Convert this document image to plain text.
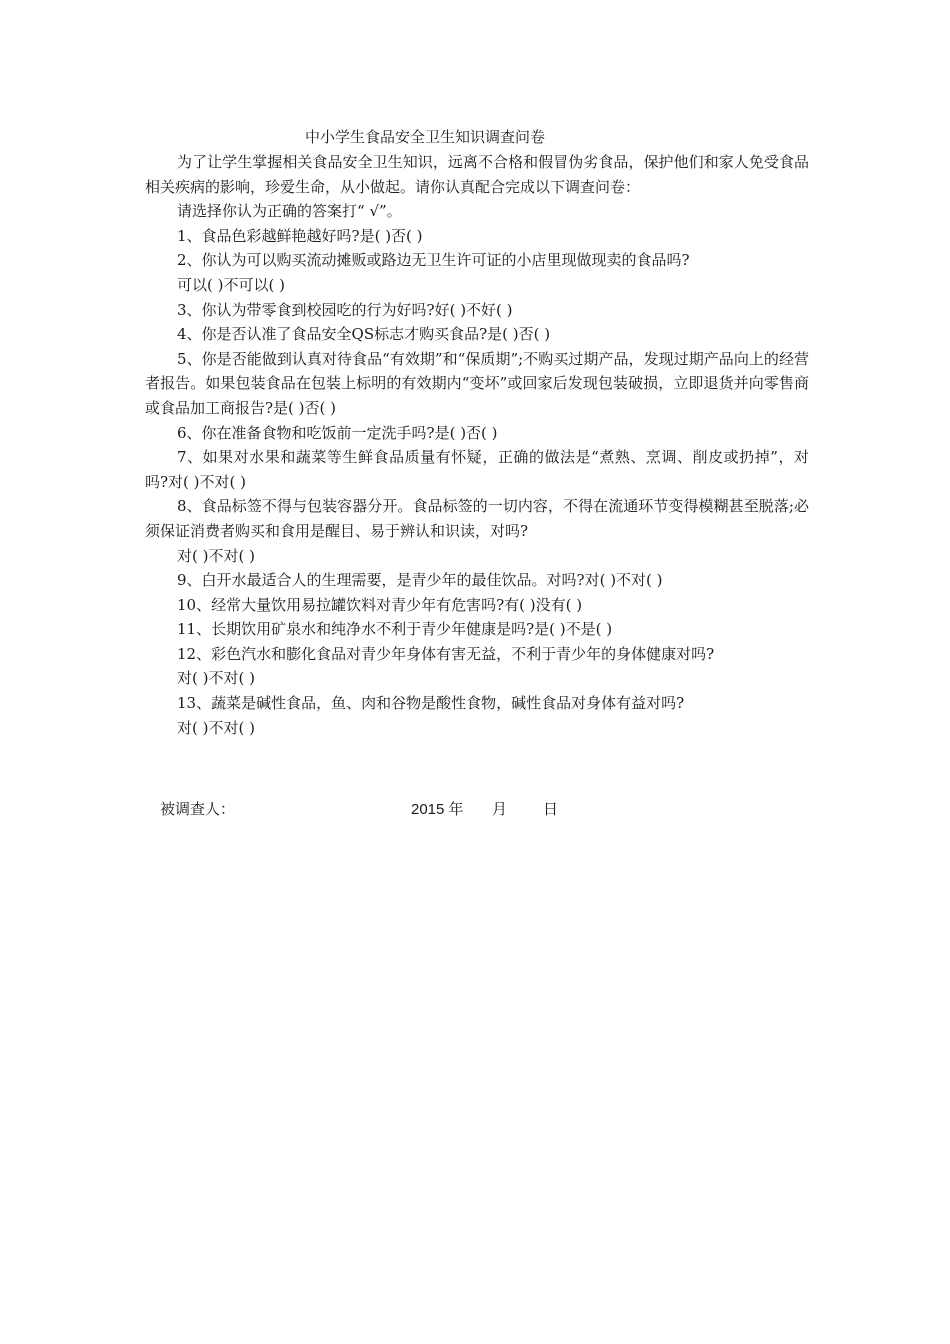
中小学生食品安全卫生知识调查问卷

为了让学生掌握相关食品安全卫生知识，远离不合格和假冒伪劣食品，保护他们和家人免受食品相关疾病的影响，珍爱生命，从小做起。请你认真配合完成以下调查问卷：

请选择你认为正确的答案打“ √”。

1、食品色彩越鲜艳越好吗?是( )否( )

2、你认为可以购买流动摊贩或路边无卫生许可证的小店里现做现卖的食品吗?

可以( )不可以( )

3、你认为带零食到校园吃的行为好吗?好( )不好( )

4、你是否认准了食品安全QS标志才购买食品?是( )否( )

5、你是否能做到认真对待食品“有效期”和“保质期”;不购买过期产品，发现过期产品向上的经营者报告。如果包装食品在包装上标明的有效期内“变坏”或回家后发现包装破损，立即退货并向零售商或食品加工商报告?是( )否( )

6、你在准备食物和吃饭前一定洗手吗?是( )否( )

7、如果对水果和蔬菜等生鲜食品质量有怀疑，正确的做法是“煮熟、烹调、削皮或扔掉”，对吗?对( )不对( )

8、食品标签不得与包装容器分开。食品标签的一切内容，不得在流通环节变得模糊甚至脱落;必须保证消费者购买和食用是醒目、易于辨认和识读，对吗?

对( )不对( )

9、白开水最适合人的生理需要，是青少年的最佳饮品。对吗?对( )不对( )

10、经常大量饮用易拉罐饮料对青少年有危害吗?有( )没有( )

11、长期饮用矿泉水和纯净水不利于青少年健康是吗?是( )不是( )

12、彩色汽水和膨化食品对青少年身体有害无益，不利于青少年的身体健康对吗?

对( )不对( )

13、蔬菜是碱性食品，鱼、肉和谷物是酸性食物，碱性食品对身体有益对吗?

对( )不对( )

被调查人：	2015 年 月 日
